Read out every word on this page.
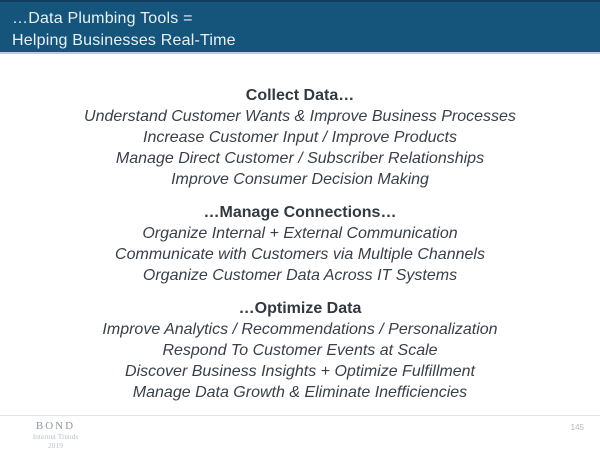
…Data Plumbing Tools =
Helping Businesses Real-Time
Collect Data…
Understand Customer Wants & Improve Business Processes
Increase Customer Input / Improve Products
Manage Direct Customer / Subscriber Relationships
Improve Consumer Decision Making
…Manage Connections…
Organize Internal + External Communication
Communicate with Customers via Multiple Channels
Organize Customer Data Across IT Systems
…Optimize Data
Improve Analytics / Recommendations / Personalization
Respond To Customer Events at Scale
Discover Business Insights + Optimize Fulfillment
Manage Data Growth & Eliminate Inefficiencies
BOND
Internet Trends
2019
145
